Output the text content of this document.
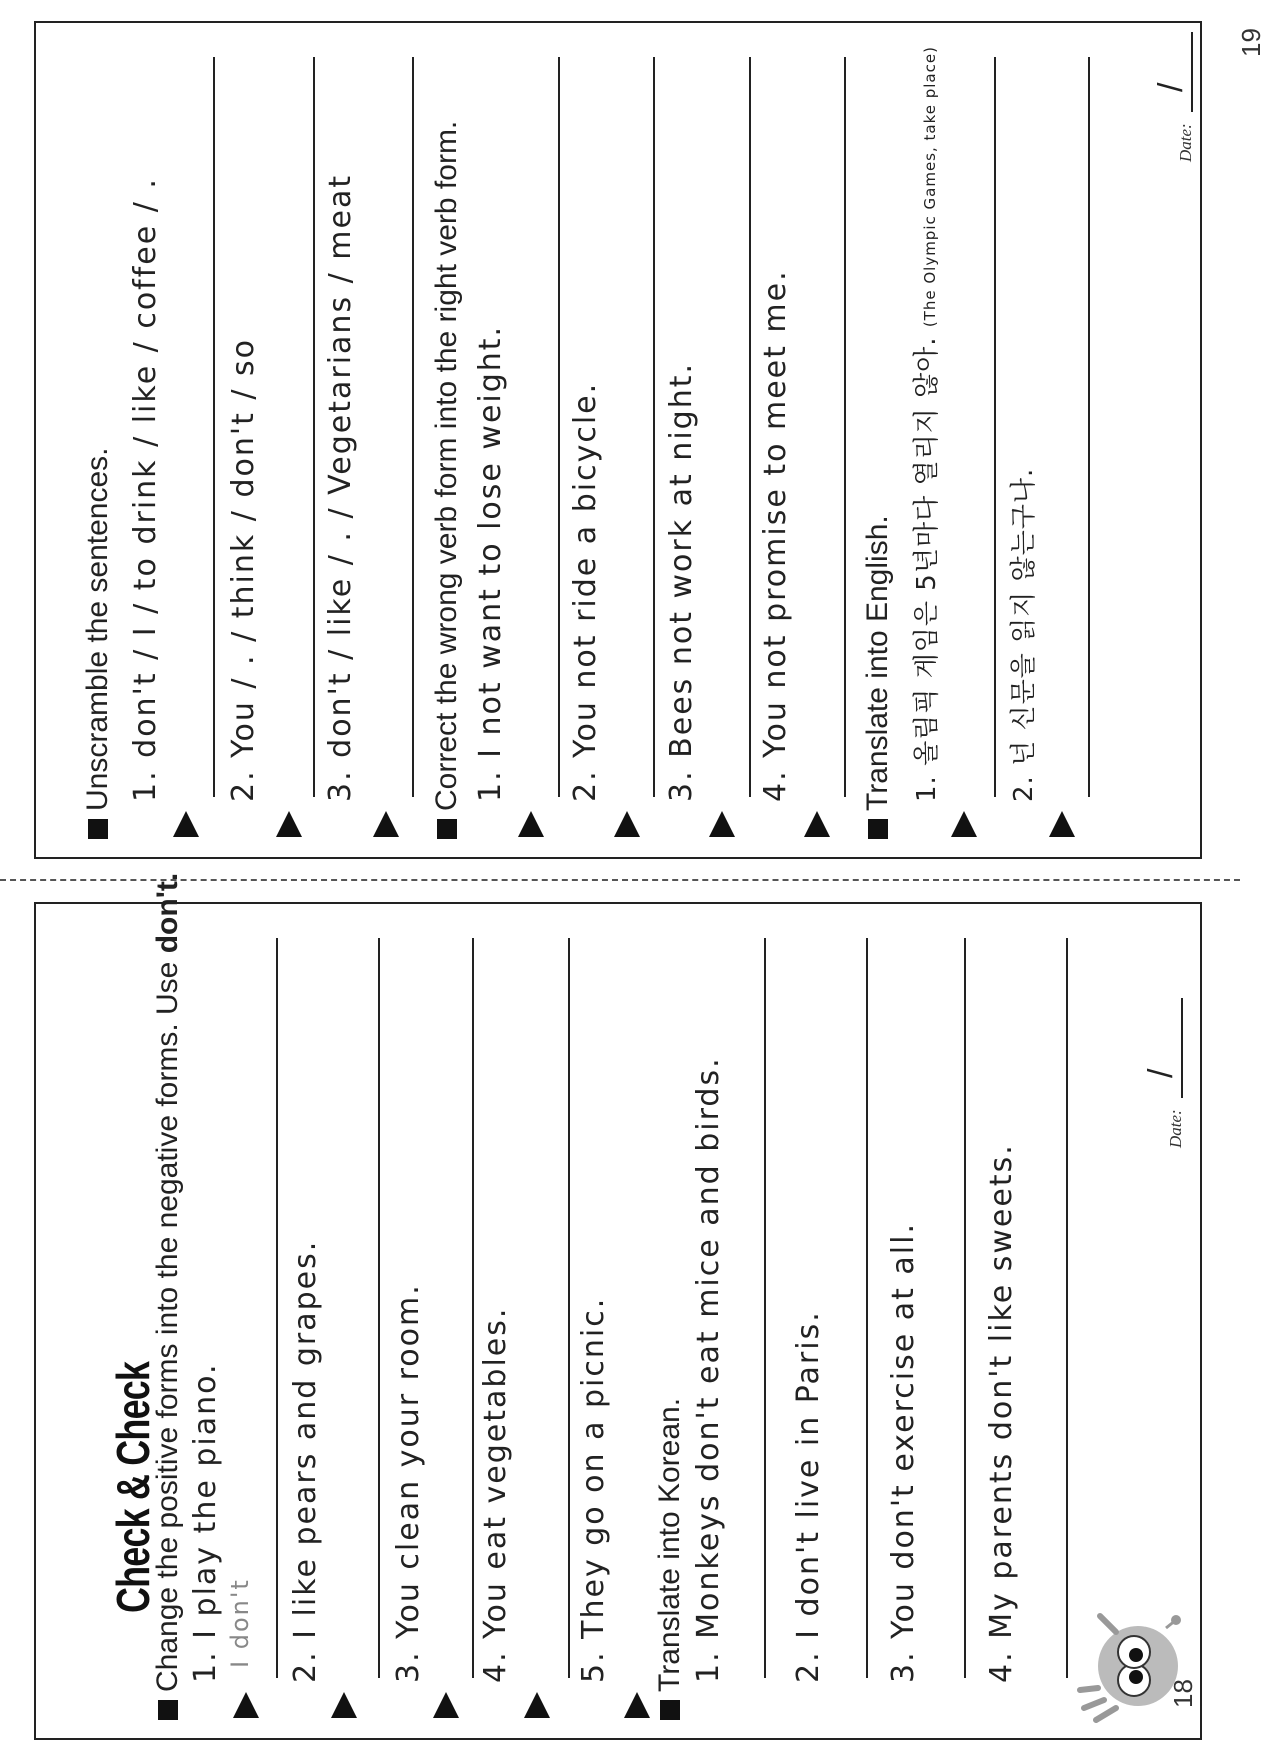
Check & Check
Date:
/
Change the positive forms into the negative forms. Use don't.
1. I play the piano. I don't 2. I like pears and grapes. 3. You clean your room. 4. You eat vegetables. 5. They go on a picnic. Translate into Korean. 1. Monkeys don't eat mice and birds. 2. I don't live in Paris. 3. You don't exercise at all. 4. My parents don't like sweets.
18
Date:
/
19
Unscramble the sentences. 1. don't / I / to drink / like / coffee / . 2. You / . / think / don't / so 3. don't / like / . / Vegetarians / meat Correct the wrong verb form into the right verb form. 1. I not want to lose weight. 2. You not ride a bicycle. 3. Bees not work at night. 4. You not promise to meet me. Translate into English. 1. 올림픽 게임은 5년마다 열리지 않아. (The Olympic Games, take place)
2. 넌 신문을 읽지 않는구나.
